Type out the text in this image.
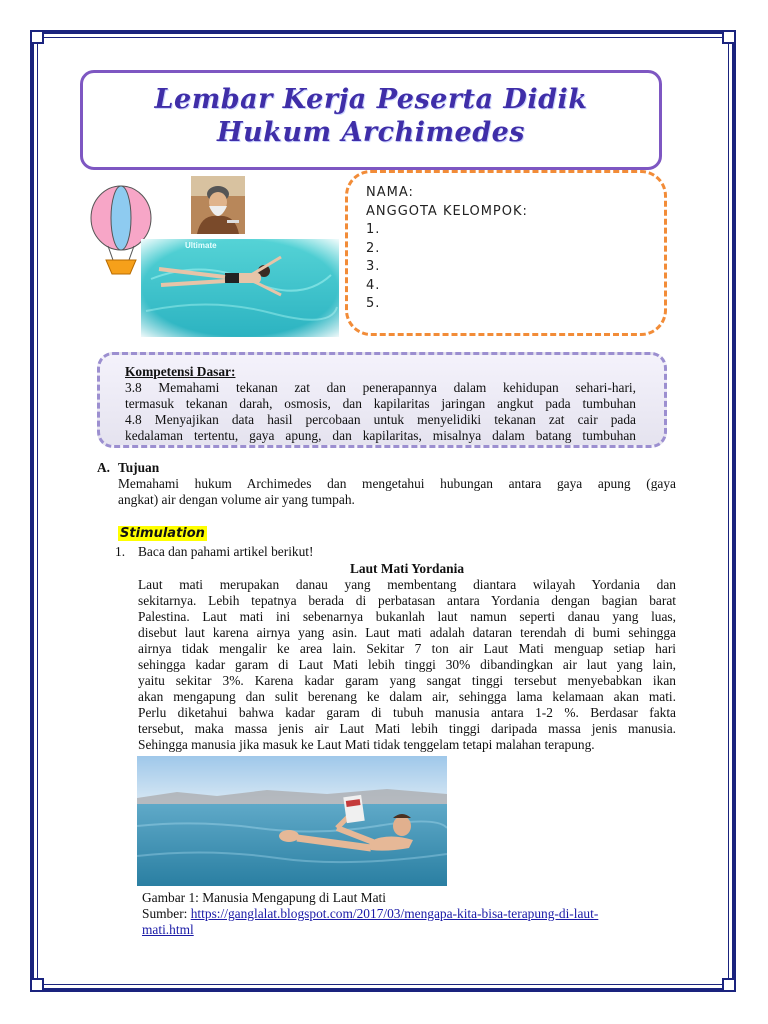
Lembar Kerja Peserta Didik
Hukum Archimedes
Ultimate
NAMA:
ANGGOTA KELOMPOK:
1.
2.
3.
4.
5.
Kompetensi Dasar:
3.8 Memahami tekanan zat dan penerapannya dalam kehidupan sehari-hari,
termasuk tekanan darah, osmosis, dan kapilaritas jaringan angkut pada tumbuhan
4.8 Menyajikan data hasil percobaan untuk menyelidiki tekanan zat cair pada
kedalaman tertentu, gaya apung, dan kapilaritas, misalnya dalam batang tumbuhan
A. Tujuan
Memahami hukum Archimedes dan mengetahui hubungan antara gaya apung (gaya
angkat) air dengan volume air yang tumpah.
Stimulation
1. Baca dan pahami artikel berikut!
Laut Mati Yordania
Laut mati merupakan danau yang membentang diantara wilayah Yordania dan
sekitarnya. Lebih tepatnya berada di perbatasan antara Yordania dengan bagian barat
Palestina. Laut mati ini sebenarnya bukanlah laut namun seperti danau yang luas,
disebut laut karena airnya yang asin. Laut mati adalah dataran terendah di bumi sehingga
airnya tidak mengalir ke area lain. Sekitar 7 ton air Laut Mati menguap setiap hari
sehingga kadar garam di Laut Mati lebih tinggi 30% dibandingkan air laut yang lain,
yaitu sekitar 3%. Karena kadar garam yang sangat tinggi tersebut menyebabkan ikan
akan mengapung dan sulit berenang ke dalam air, sehingga lama kelamaan akan mati.
Perlu diketahui bahwa kadar garam di tubuh manusia antara 1-2 %. Berdasar fakta
tersebut, maka massa jenis air Laut Mati lebih tinggi daripada massa jenis manusia.
Sehingga manusia jika masuk ke Laut Mati tidak tenggelam tetapi malahan terapung.
Gambar 1: Manusia Mengapung di Laut Mati
Sumber: https://ganglalat.blogspot.com/2017/03/mengapa-kita-bisa-terapung-di-laut-
mati.html
